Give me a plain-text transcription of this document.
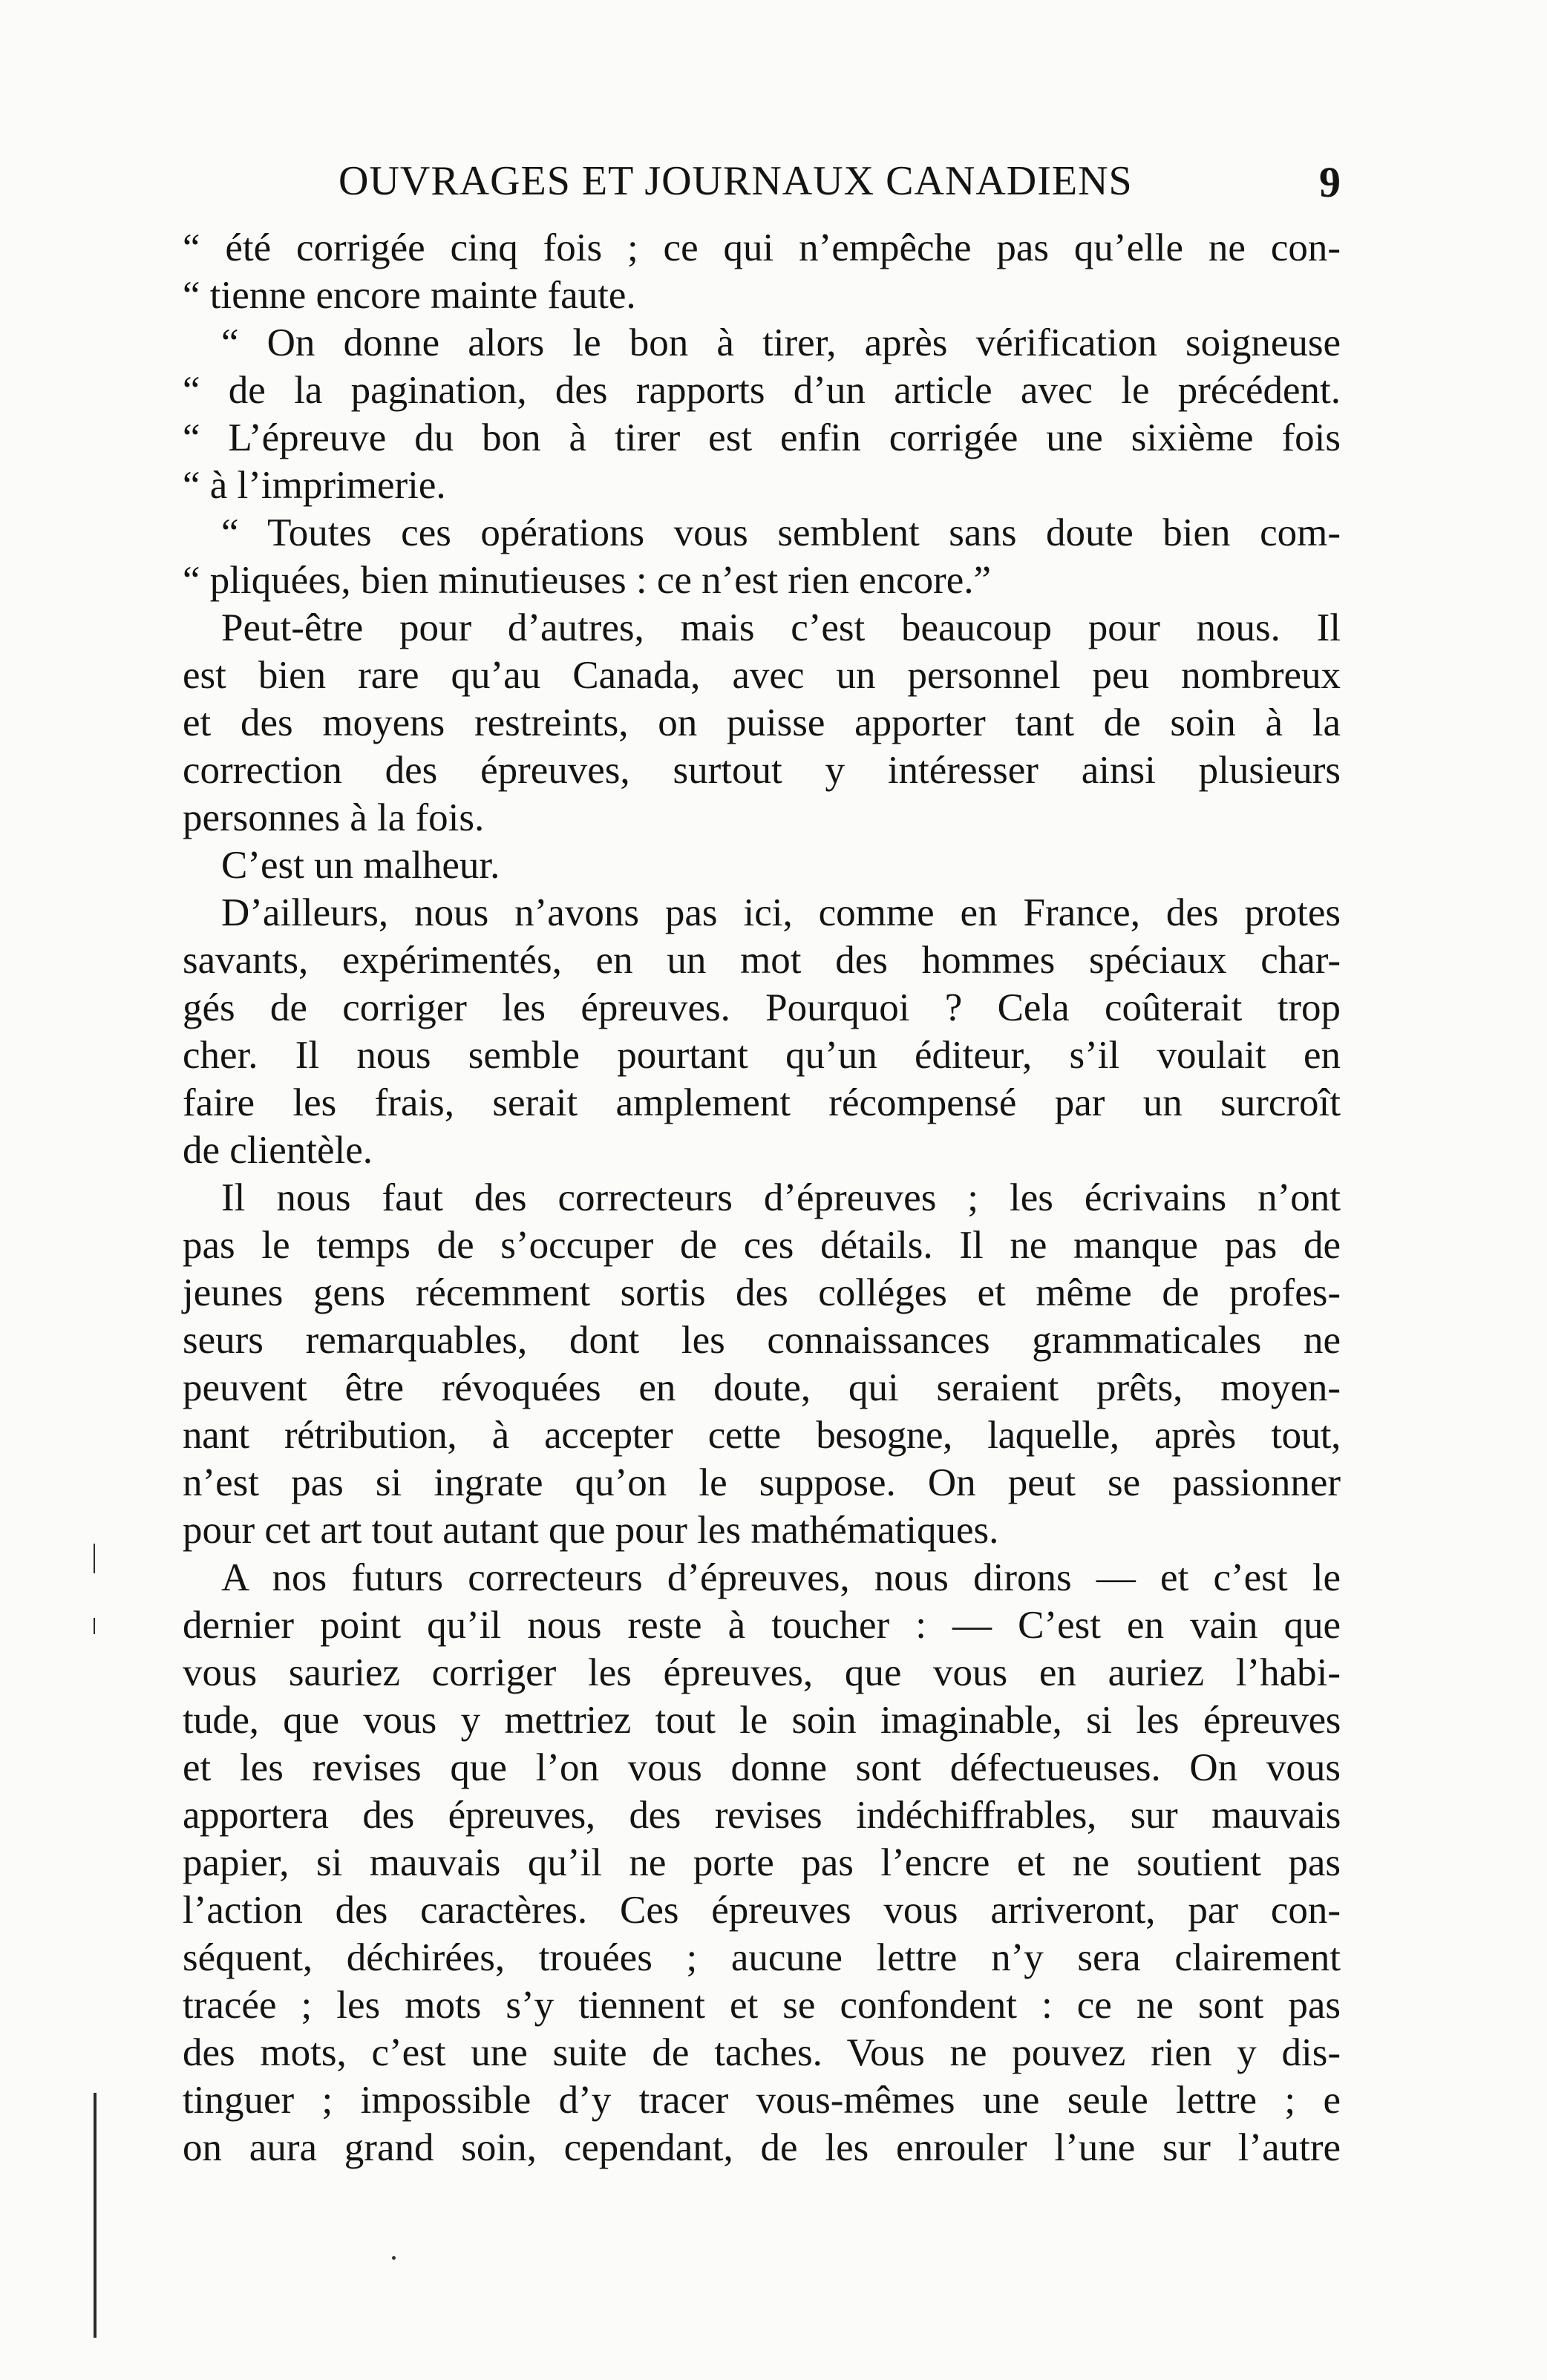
OUVRAGES ET JOURNAUX CANADIENS	9
“ été corrigée cinq fois ; ce qui n’empêche pas qu’elle ne con-
“ tienne encore mainte faute.
“ On donne alors le bon à tirer, après vérification soigneuse
“ de la pagination, des rapports d’un article avec le précédent.
“ L’épreuve du bon à tirer est enfin corrigée une sixième fois
“ à l’imprimerie.
“ Toutes ces opérations vous semblent sans doute bien com-
“ pliquées, bien minutieuses : ce n’est rien encore.”
Peut-être pour d’autres, mais c’est beaucoup pour nous. Il
est bien rare qu’au Canada, avec un personnel peu nombreux
et des moyens restreints, on puisse apporter tant de soin à la
correction des épreuves, surtout y intéresser ainsi plusieurs
personnes à la fois.
C’est un malheur.
D’ailleurs, nous n’avons pas ici, comme en France, des protes
savants, expérimentés, en un mot des hommes spéciaux char-
gés de corriger les épreuves. Pourquoi ? Cela coûterait trop
cher. Il nous semble pourtant qu’un éditeur, s’il voulait en
faire les frais, serait amplement récompensé par un surcroît
de clientèle.
Il nous faut des correcteurs d’épreuves ; les écrivains n’ont
pas le temps de s’occuper de ces détails. Il ne manque pas de
jeunes gens récemment sortis des colléges et même de profes-
seurs remarquables, dont les connaissances grammaticales ne
peuvent être révoquées en doute, qui seraient prêts, moyen-
nant rétribution, à accepter cette besogne, laquelle, après tout,
n’est pas si ingrate qu’on le suppose. On peut se passionner
pour cet art tout autant que pour les mathématiques.
A nos futurs correcteurs d’épreuves, nous dirons — et c’est le
dernier point qu’il nous reste à toucher : — C’est en vain que
vous sauriez corriger les épreuves, que vous en auriez l’habi-
tude, que vous y mettriez tout le soin imaginable, si les épreuves
et les revises que l’on vous donne sont défectueuses. On vous
apportera des épreuves, des revises indéchiffrables, sur mauvais
papier, si mauvais qu’il ne porte pas l’encre et ne soutient pas
l’action des caractères. Ces épreuves vous arriveront, par con-
séquent, déchirées, trouées ; aucune lettre n’y sera clairement
tracée ; les mots s’y tiennent et se confondent : ce ne sont pas
des mots, c’est une suite de taches. Vous ne pouvez rien y dis-
tinguer ; impossible d’y tracer vous-mêmes une seule lettre ; e
on aura grand soin, cependant, de les enrouler l’une sur l’autre
